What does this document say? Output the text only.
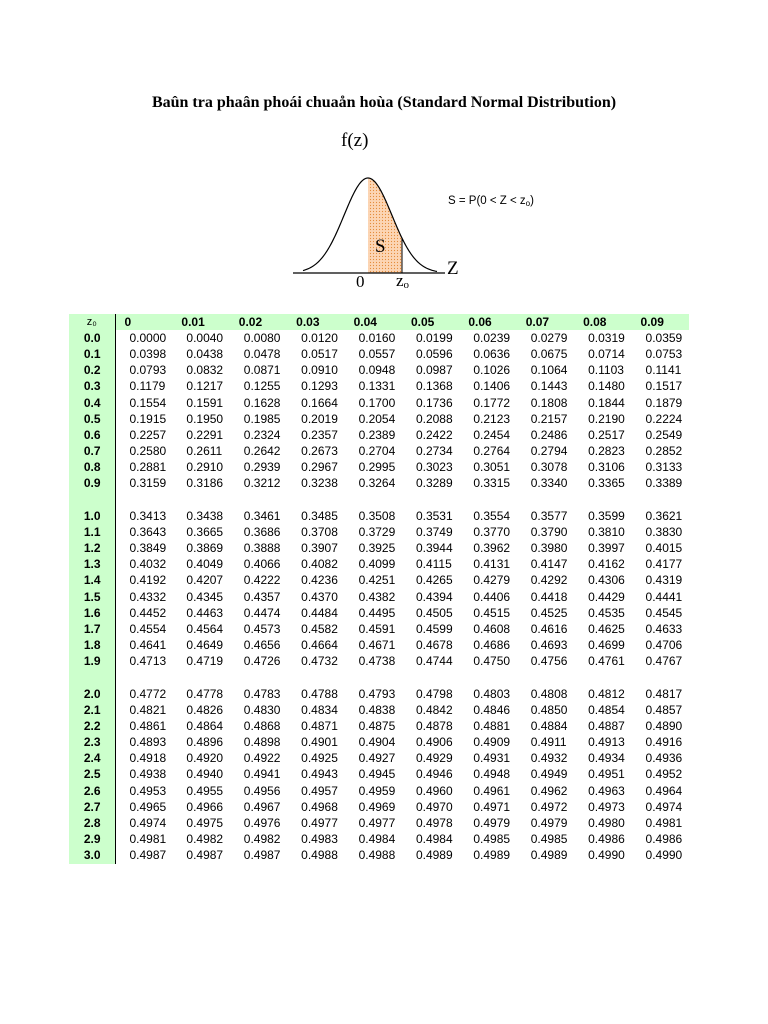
Baûn tra phaân phoái chuaån hoùa (Standard Normal Distribution)
f(z)
S
Z
0 zo
S = P(0 < Z < zo)
z₀	0	0.01	0.02	0.03	0.04	0.05	0.06	0.07	0.08	0.09
0.0	0.0000	0.0040	0.0080	0.0120	0.0160	0.0199	0.0239	0.0279	0.0319	0.0359
0.1	0.0398	0.0438	0.0478	0.0517	0.0557	0.0596	0.0636	0.0675	0.0714	0.0753
0.2	0.0793	0.0832	0.0871	0.0910	0.0948	0.0987	0.1026	0.1064	0.1103	0.1141
0.3	0.1179	0.1217	0.1255	0.1293	0.1331	0.1368	0.1406	0.1443	0.1480	0.1517
0.4	0.1554	0.1591	0.1628	0.1664	0.1700	0.1736	0.1772	0.1808	0.1844	0.1879
0.5	0.1915	0.1950	0.1985	0.2019	0.2054	0.2088	0.2123	0.2157	0.2190	0.2224
0.6	0.2257	0.2291	0.2324	0.2357	0.2389	0.2422	0.2454	0.2486	0.2517	0.2549
0.7	0.2580	0.2611	0.2642	0.2673	0.2704	0.2734	0.2764	0.2794	0.2823	0.2852
0.8	0.2881	0.2910	0.2939	0.2967	0.2995	0.3023	0.3051	0.3078	0.3106	0.3133
0.9	0.3159	0.3186	0.3212	0.3238	0.3264	0.3289	0.3315	0.3340	0.3365	0.3389

1.0	0.3413	0.3438	0.3461	0.3485	0.3508	0.3531	0.3554	0.3577	0.3599	0.3621
1.1	0.3643	0.3665	0.3686	0.3708	0.3729	0.3749	0.3770	0.3790	0.3810	0.3830
1.2	0.3849	0.3869	0.3888	0.3907	0.3925	0.3944	0.3962	0.3980	0.3997	0.4015
1.3	0.4032	0.4049	0.4066	0.4082	0.4099	0.4115	0.4131	0.4147	0.4162	0.4177
1.4	0.4192	0.4207	0.4222	0.4236	0.4251	0.4265	0.4279	0.4292	0.4306	0.4319
1.5	0.4332	0.4345	0.4357	0.4370	0.4382	0.4394	0.4406	0.4418	0.4429	0.4441
1.6	0.4452	0.4463	0.4474	0.4484	0.4495	0.4505	0.4515	0.4525	0.4535	0.4545
1.7	0.4554	0.4564	0.4573	0.4582	0.4591	0.4599	0.4608	0.4616	0.4625	0.4633
1.8	0.4641	0.4649	0.4656	0.4664	0.4671	0.4678	0.4686	0.4693	0.4699	0.4706
1.9	0.4713	0.4719	0.4726	0.4732	0.4738	0.4744	0.4750	0.4756	0.4761	0.4767

2.0	0.4772	0.4778	0.4783	0.4788	0.4793	0.4798	0.4803	0.4808	0.4812	0.4817
2.1	0.4821	0.4826	0.4830	0.4834	0.4838	0.4842	0.4846	0.4850	0.4854	0.4857
2.2	0.4861	0.4864	0.4868	0.4871	0.4875	0.4878	0.4881	0.4884	0.4887	0.4890
2.3	0.4893	0.4896	0.4898	0.4901	0.4904	0.4906	0.4909	0.4911	0.4913	0.4916
2.4	0.4918	0.4920	0.4922	0.4925	0.4927	0.4929	0.4931	0.4932	0.4934	0.4936
2.5	0.4938	0.4940	0.4941	0.4943	0.4945	0.4946	0.4948	0.4949	0.4951	0.4952
2.6	0.4953	0.4955	0.4956	0.4957	0.4959	0.4960	0.4961	0.4962	0.4963	0.4964
2.7	0.4965	0.4966	0.4967	0.4968	0.4969	0.4970	0.4971	0.4972	0.4973	0.4974
2.8	0.4974	0.4975	0.4976	0.4977	0.4977	0.4978	0.4979	0.4979	0.4980	0.4981
2.9	0.4981	0.4982	0.4982	0.4983	0.4984	0.4984	0.4985	0.4985	0.4986	0.4986
3.0	0.4987	0.4987	0.4987	0.4988	0.4988	0.4989	0.4989	0.4989	0.4990	0.4990
